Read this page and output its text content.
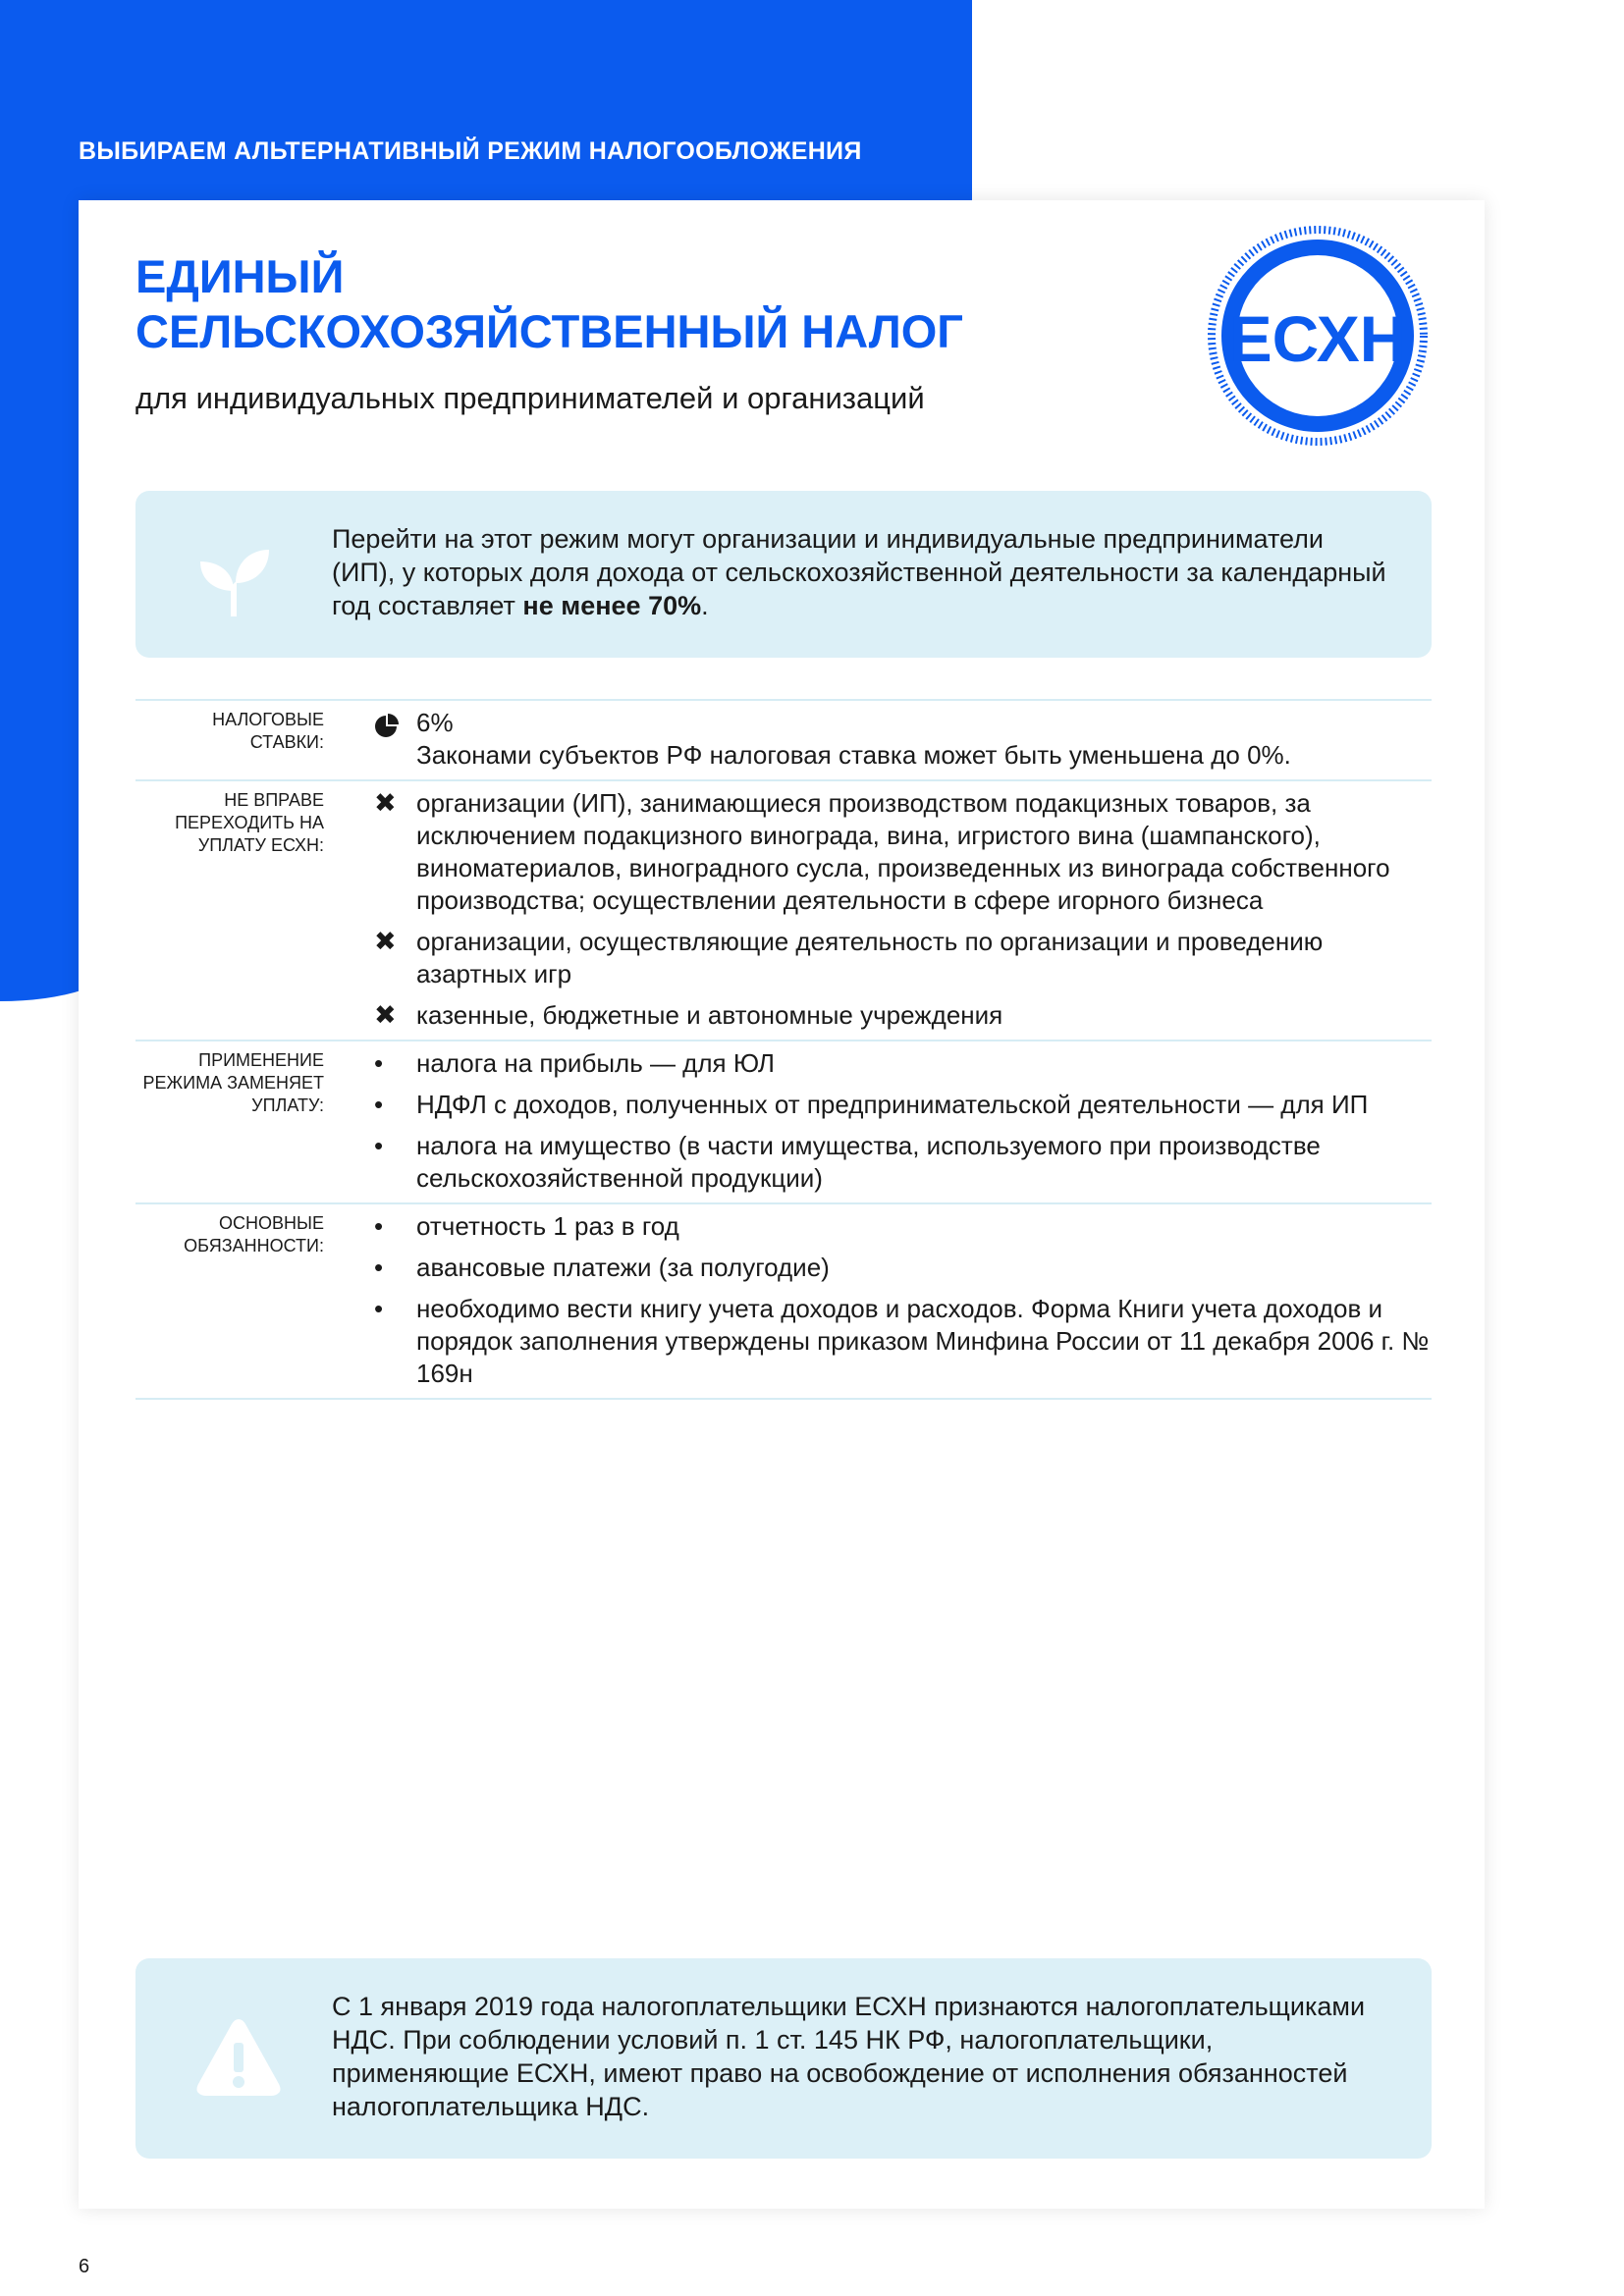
ВЫБИРАЕМ АЛЬТЕРНАТИВНЫЙ РЕЖИМ НАЛОГООБЛОЖЕНИЯ
ЕДИНЫЙ
СЕЛЬСКОХОЗЯЙСТВЕННЫЙ НАЛОГ
для индивидуальных предпринимателей и организаций
ЕСХН
Перейти на этот режим могут организации и индивидуальные предприниматели (ИП), у которых доля дохода от сельскохозяйственной деятельности за календарный год составляет не менее 70%.
НАЛОГОВЫЕ СТАВКИ:
6%
Законами субъектов РФ налоговая ставка может быть уменьшена до 0%.
НЕ ВПРАВЕ ПЕРЕХОДИТЬ НА УПЛАТУ ЕСХН:
✖ организации (ИП), занимающиеся производством подакцизных товаров, за исключением подакцизного винограда, вина, игристого вина (шампанского), виноматериалов, виноградного сусла, произведенных из винограда собственного производства; осуществлении деятельности в сфере игорного бизнеса
✖ организации, осуществляющие деятельность по организации и проведению азартных игр
✖ казенные, бюджетные и автономные учреждения
ПРИМЕНЕНИЕ РЕЖИМА ЗАМЕНЯЕТ УПЛАТУ:
•	налога на прибыль — для ЮЛ
•	НДФЛ с доходов, полученных от предпринимательской деятельности — для ИП
•	налога на имущество (в части имущества, используемого при производстве сельскохозяйственной продукции)
ОСНОВНЫЕ ОБЯЗАННОСТИ:
•	отчетность 1 раз в год
•	авансовые платежи (за полугодие)
•	необходимо вести книгу учета доходов и расходов. Форма Книги учета доходов и порядок заполнения утверждены приказом Минфина России от 11 декабря 2006 г. № 169н
С 1 января 2019 года налогоплательщики ЕСХН признаются налогоплательщиками НДС. При соблюдении условий п. 1 ст. 145 НК РФ, налогоплательщики, применяющие ЕСХН, имеют право на освобождение от исполнения обязанностей налогоплательщика НДС.
6
